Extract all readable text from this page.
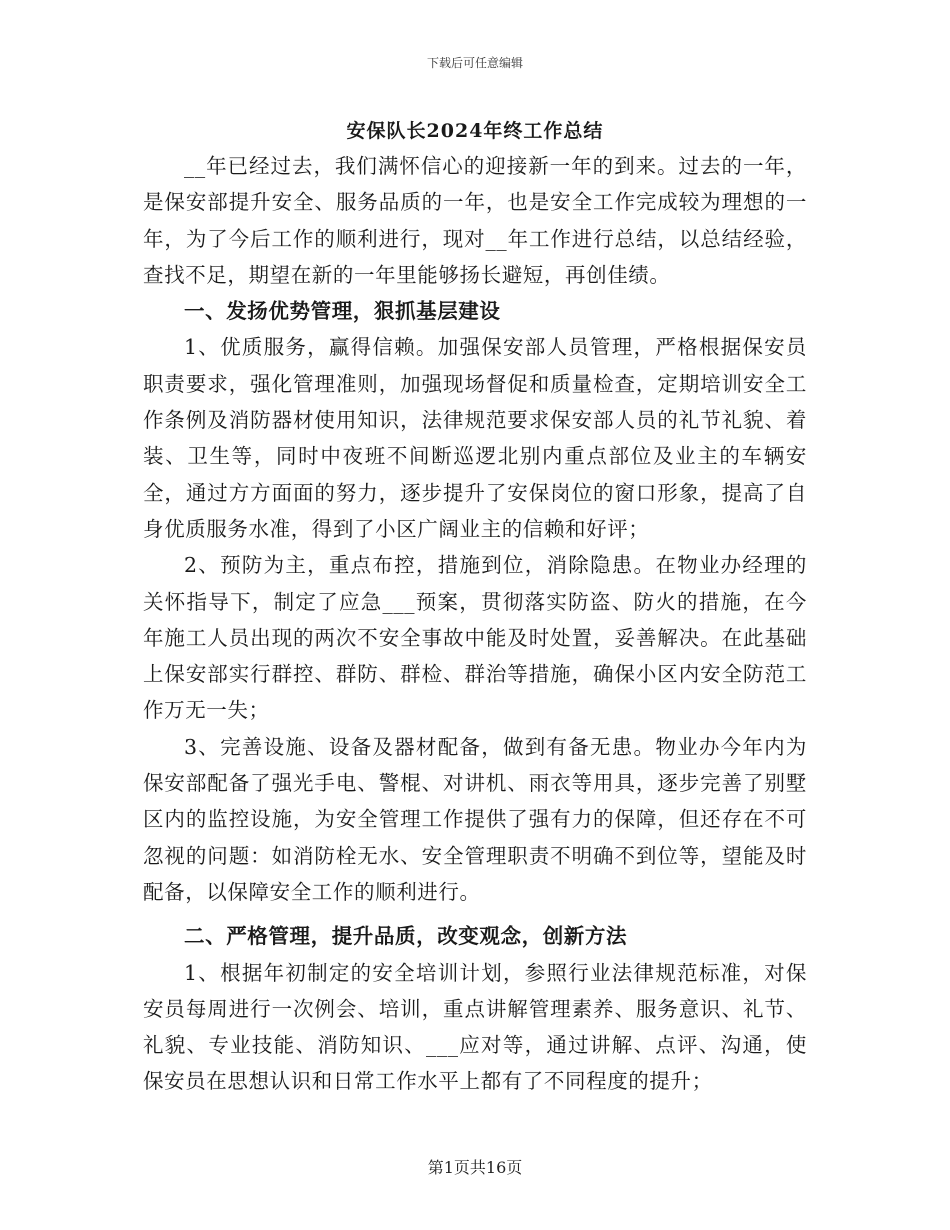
下载后可任意编辑
安保队长2024年终工作总结

__年已经过去，我们满怀信心的迎接新一年的到来。过去的一年，是保安部提升安全、服务品质的一年，也是安全工作完成较为理想的一年，为了今后工作的顺利进行，现对__年工作进行总结，以总结经验，查找不足，期望在新的一年里能够扬长避短，再创佳绩。

一、发扬优势管理，狠抓基层建设

1、优质服务，赢得信赖。加强保安部人员管理，严格根据保安员职责要求，强化管理准则，加强现场督促和质量检查，定期培训安全工作条例及消防器材使用知识，法律规范要求保安部人员的礼节礼貌、着装、卫生等，同时中夜班不间断巡逻北别内重点部位及业主的车辆安全，通过方方面面的努力，逐步提升了安保岗位的窗口形象，提高了自身优质服务水准，得到了小区广阔业主的信赖和好评；

2、预防为主，重点布控，措施到位，消除隐患。在物业办经理的关怀指导下，制定了应急___预案，贯彻落实防盗、防火的措施，在今年施工人员出现的两次不安全事故中能及时处置，妥善解决。在此基础上保安部实行群控、群防、群检、群治等措施，确保小区内安全防范工作万无一失；

3、完善设施、设备及器材配备，做到有备无患。物业办今年内为保安部配备了强光手电、警棍、对讲机、雨衣等用具，逐步完善了别墅区内的监控设施，为安全管理工作提供了强有力的保障，但还存在不可忽视的问题：如消防栓无水、安全管理职责不明确不到位等，望能及时配备，以保障安全工作的顺利进行。

二、严格管理，提升品质，改变观念，创新方法

1、根据年初制定的安全培训计划，参照行业法律规范标准，对保安员每周进行一次例会、培训，重点讲解管理素养、服务意识、礼节、礼貌、专业技能、消防知识、___应对等，通过讲解、点评、沟通，使保安员在思想认识和日常工作水平上都有了不同程度的提升；

第1页共16页
